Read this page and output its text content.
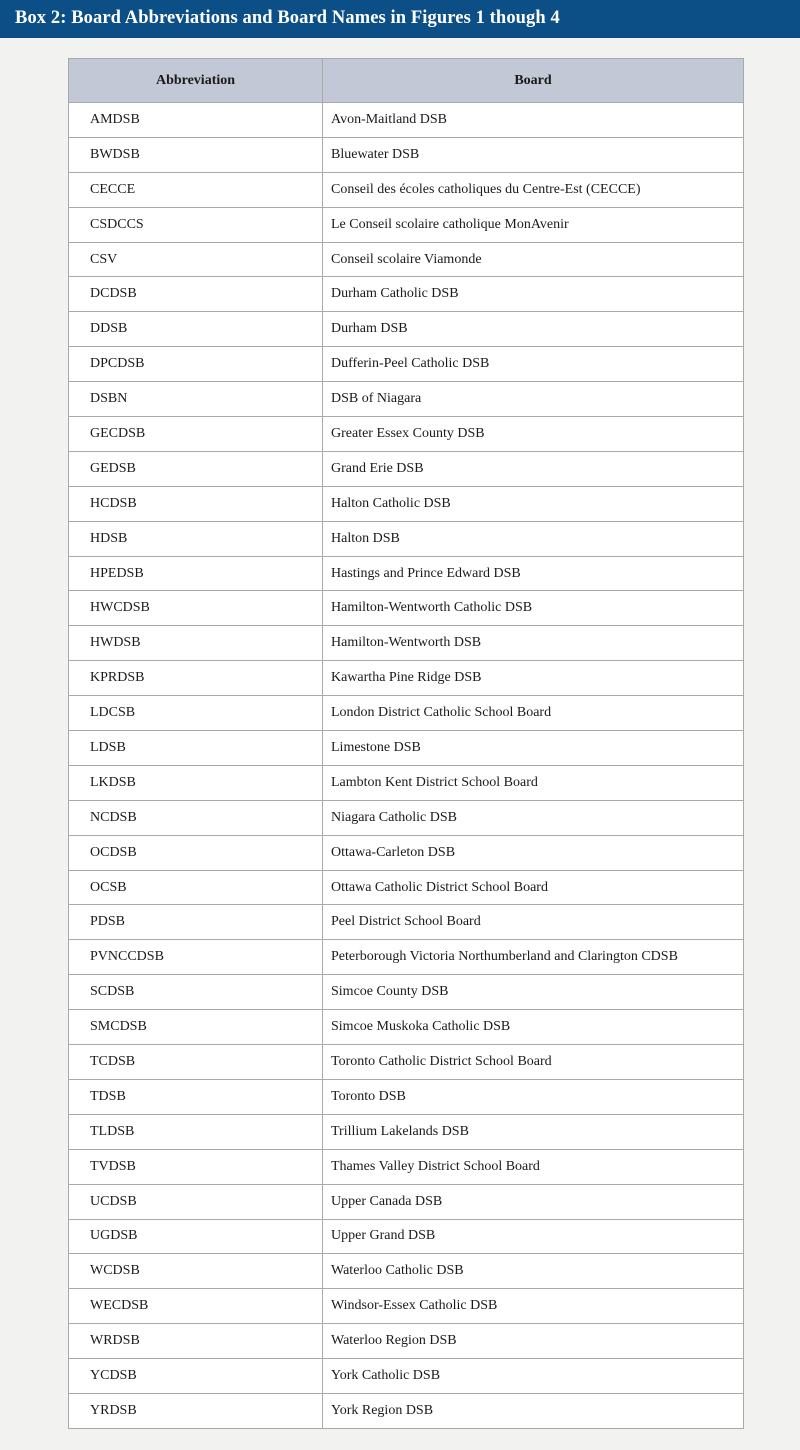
Box 2: Board Abbreviations and Board Names in Figures 1 though 4
Abbreviation	Board
AMDSB	Avon-Maitland DSB
BWDSB	Bluewater DSB
CECCE	Conseil des écoles catholiques du Centre-Est (CECCE)
CSDCCS	Le Conseil scolaire catholique MonAvenir
CSV	Conseil scolaire Viamonde
DCDSB	Durham Catholic DSB
DDSB	Durham DSB
DPCDSB	Dufferin-Peel Catholic DSB
DSBN	DSB of Niagara
GECDSB	Greater Essex County DSB
GEDSB	Grand Erie DSB
HCDSB	Halton Catholic DSB
HDSB	Halton DSB
HPEDSB	Hastings and Prince Edward DSB
HWCDSB	Hamilton-Wentworth Catholic DSB
HWDSB	Hamilton-Wentworth DSB
KPRDSB	Kawartha Pine Ridge DSB
LDCSB	London District Catholic School Board
LDSB	Limestone DSB
LKDSB	Lambton Kent District School Board
NCDSB	Niagara Catholic DSB
OCDSB	Ottawa-Carleton DSB
OCSB	Ottawa Catholic District School Board
PDSB	Peel District School Board
PVNCCDSB	Peterborough Victoria Northumberland and Clarington CDSB
SCDSB	Simcoe County DSB
SMCDSB	Simcoe Muskoka Catholic DSB
TCDSB	Toronto Catholic District School Board
TDSB	Toronto DSB
TLDSB	Trillium Lakelands DSB
TVDSB	Thames Valley District School Board
UCDSB	Upper Canada DSB
UGDSB	Upper Grand DSB
WCDSB	Waterloo Catholic DSB
WECDSB	Windsor-Essex Catholic DSB
WRDSB	Waterloo Region DSB
YCDSB	York Catholic DSB
YRDSB	York Region DSB
